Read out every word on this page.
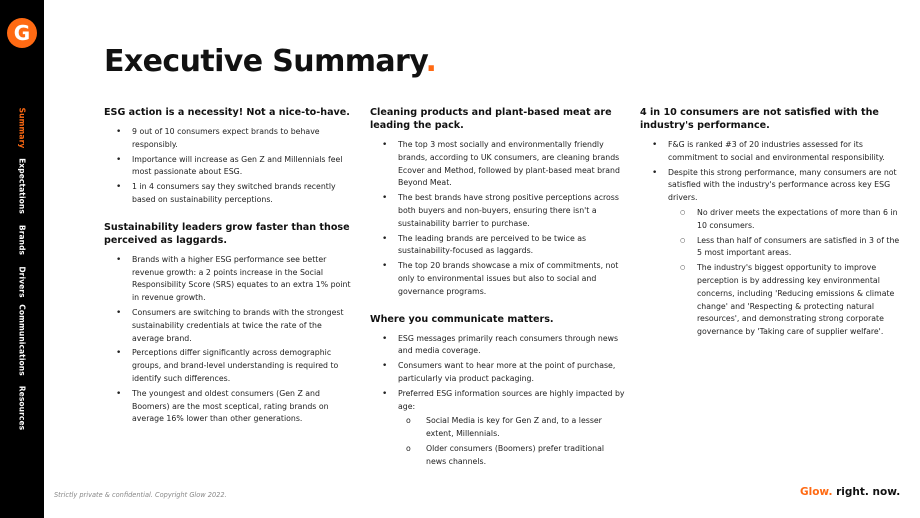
G
Summary
Expectations
Brands
Drivers
Communications
Resources
Executive Summary.
ESG action is a necessity! Not a nice-to-have.
• 9 out of 10 consumers expect brands to behave responsibly.
• Importance will increase as Gen Z and Millennials feel most passionate about ESG.
• 1 in 4 consumers say they switched brands recently based on sustainability perceptions.
Sustainability leaders grow faster than those perceived as laggards.
• Brands with a higher ESG performance see better revenue growth: a 2 points increase in the Social Responsibility Score (SRS) equates to an extra 1% point in revenue growth.
• Consumers are switching to brands with the strongest sustainability credentials at twice the rate of the average brand.
• Perceptions differ significantly across demographic groups, and brand-level understanding is required to identify such differences.
• The youngest and oldest consumers (Gen Z and Boomers) are the most sceptical, rating brands on average 16% lower than other generations.
Cleaning products and plant-based meat are leading the pack.
• The top 3 most socially and environmentally friendly brands, according to UK consumers, are cleaning brands Ecover and Method, followed by plant-based meat brand Beyond Meat.
• The best brands have strong positive perceptions across both buyers and non-buyers, ensuring there isn't a sustainability barrier to purchase.
• The leading brands are perceived to be twice as sustainability-focused as laggards.
• The top 20 brands showcase a mix of commitments, not only to environmental issues but also to social and governance programs.
Where you communicate matters.
• ESG messages primarily reach consumers through news and media coverage.
• Consumers want to hear more at the point of purchase, particularly via product packaging.
• Preferred ESG information sources are highly impacted by age:
o Social Media is key for Gen Z and, to a lesser extent, Millennials.
o Older consumers (Boomers) prefer traditional news channels.
4 in 10 consumers are not satisfied with the industry's performance.
• F&G is ranked #3 of 20 industries assessed for its commitment to social and environmental responsibility.
• Despite this strong performance, many consumers are not satisfied with the industry's performance across key ESG drivers.
○ No driver meets the expectations of more than 6 in 10 consumers.
○ Less than half of consumers are satisfied in 3 of the 5 most important areas.
○ The industry's biggest opportunity to improve perception is by addressing key environmental concerns, including 'Reducing emissions & climate change' and 'Respecting & protecting natural resources', and demonstrating strong corporate governance by 'Taking care of supplier welfare'.
Strictly private & confidential. Copyright Glow 2022.	Glow. right. now.
